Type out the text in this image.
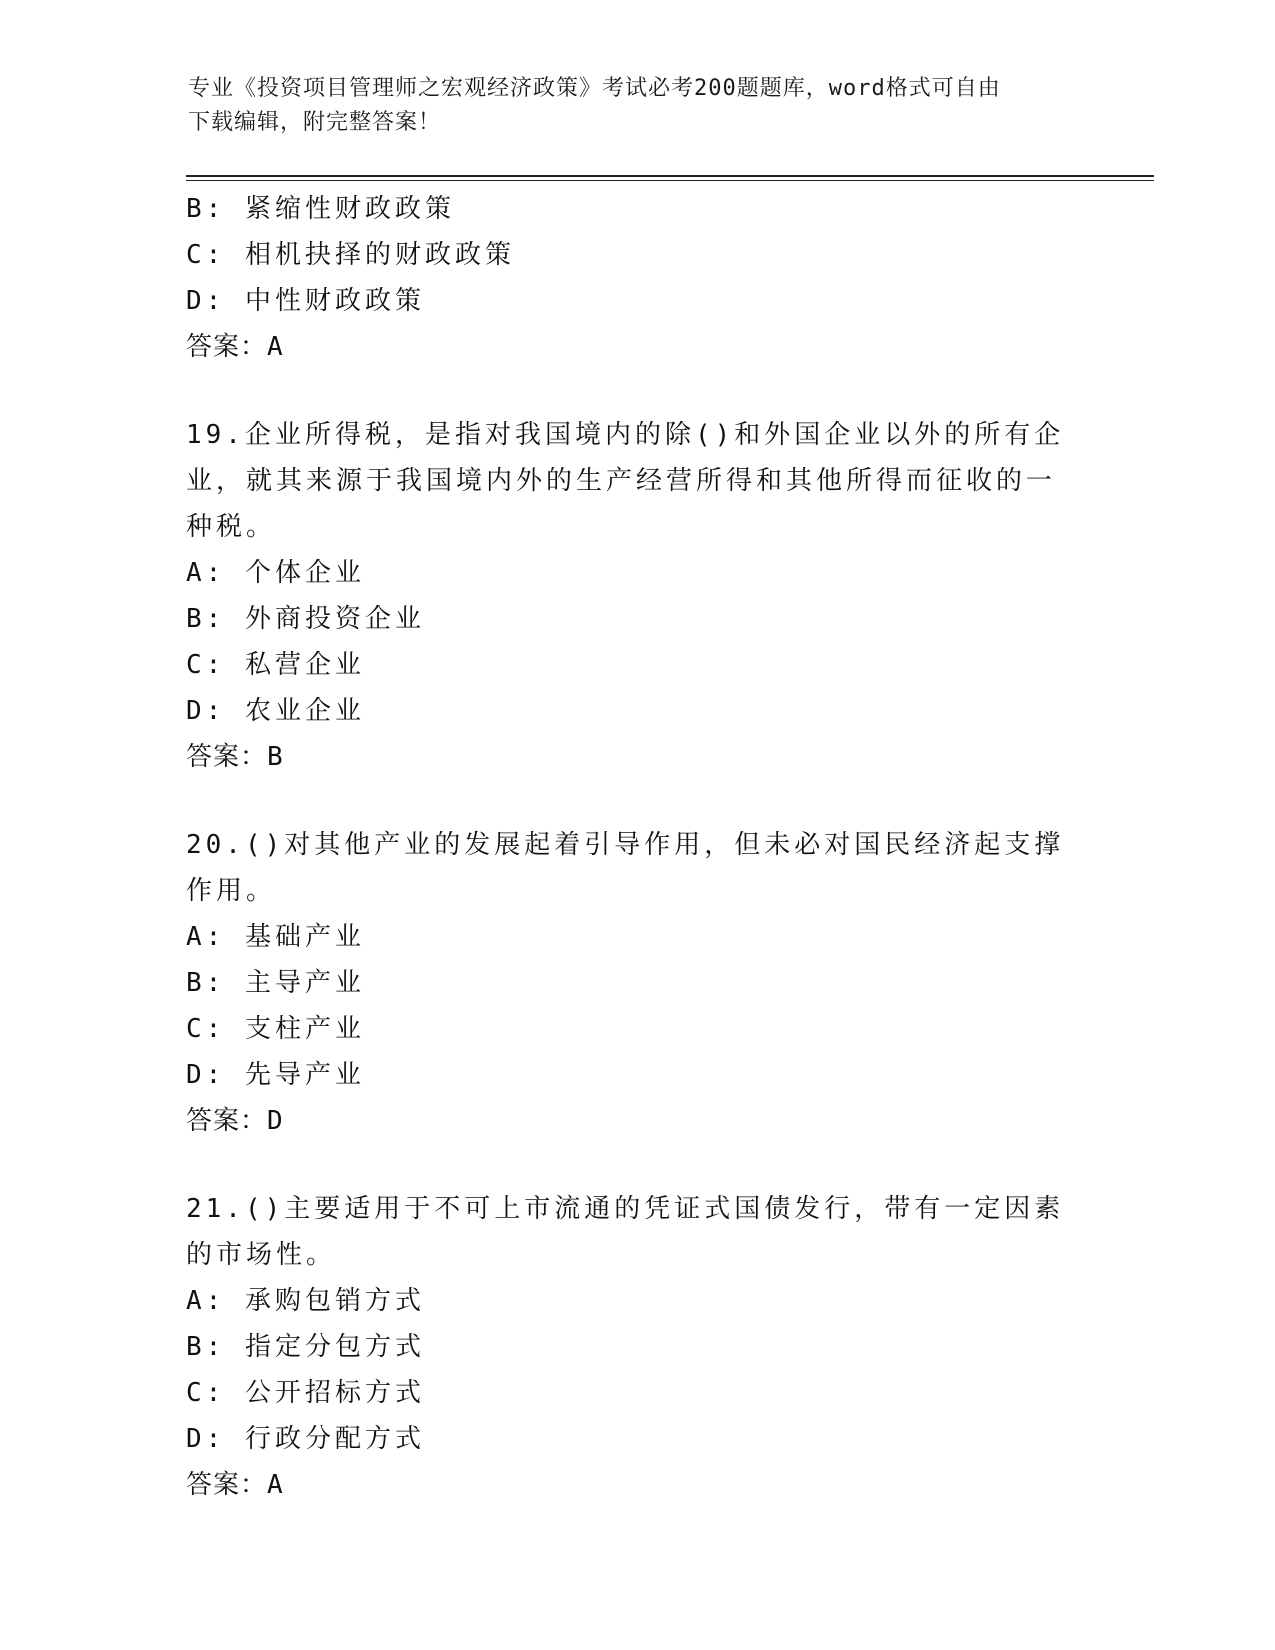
专业《投资项目管理师之宏观经济政策》考试必考200题题库，word格式可自由
下载编辑，附完整答案！
B: 紧缩性财政政策
C: 相机抉择的财政政策
D: 中性财政政策
答案：A
19.企业所得税，是指对我国境内的除()和外国企业以外的所有企业，就其来源于我国境内外的生产经营所得和其他所得而征收的一种税。
A: 个体企业
B: 外商投资企业
C: 私营企业
D: 农业企业
答案：B
20.()对其他产业的发展起着引导作用，但未必对国民经济起支撑作用。
A: 基础产业
B: 主导产业
C: 支柱产业
D: 先导产业
答案：D
21.()主要适用于不可上市流通的凭证式国债发行，带有一定因素的市场性。
A: 承购包销方式
B: 指定分包方式
C: 公开招标方式
D: 行政分配方式
答案：A
